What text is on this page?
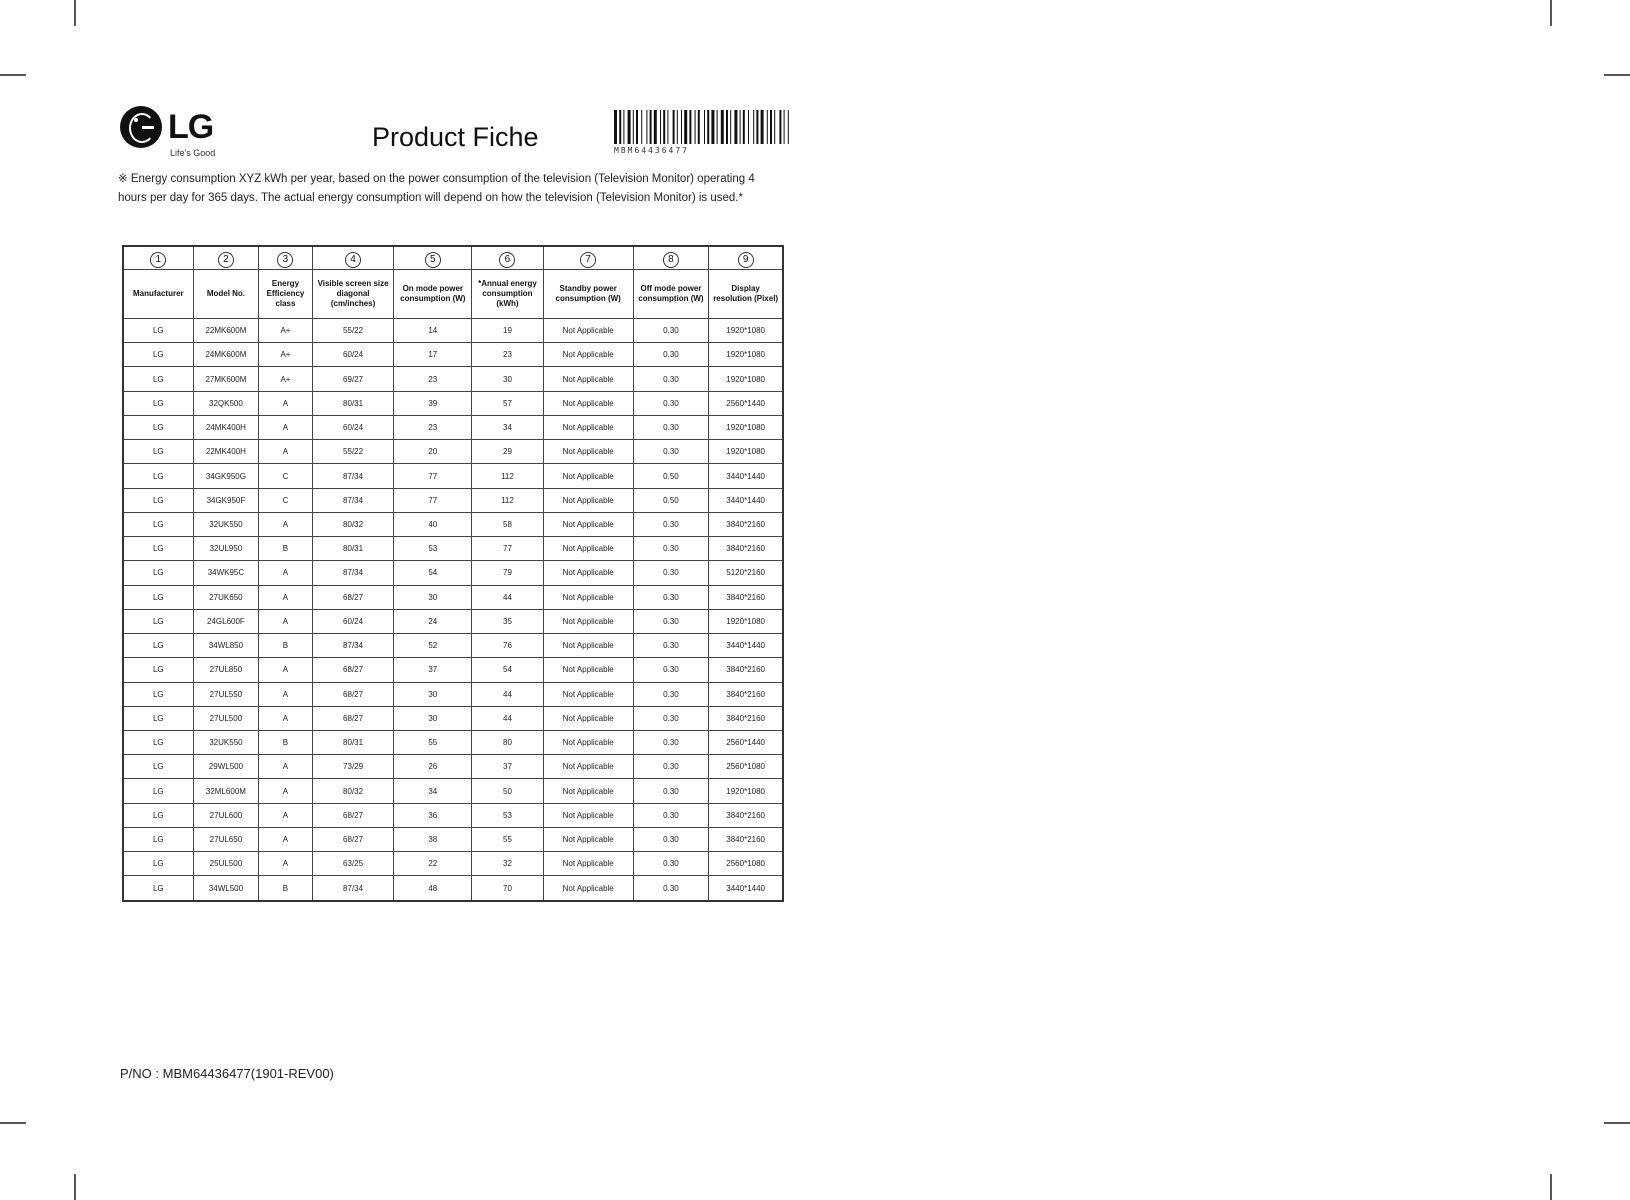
LG
Life's Good
Product Fiche	MBM64436477
※ Energy consumption XYZ kWh per year, based on the power consumption of the television (Television Monitor) operating 4 hours per day for 365 days. The actual energy consumption will depend on how the television (Television Monitor) is used.*
1	2	3	4	5	6	7	8	9
Manufacturer	Model No.	Energy Efficiency class	Visible screen size diagonal (cm/inches)	On mode power consumption (W)	*Annual energy consumption (kWh)	Standby power consumption (W)	Off mode power consumption (W)	Display resolution (Pixel)
LG	22MK600M	A+	55/22	14	19	Not Applicable	0.30	1920*1080
LG	24MK600M	A+	60/24	17	23	Not Applicable	0.30	1920*1080
LG	27MK600M	A+	69/27	23	30	Not Applicable	0.30	1920*1080
LG	32QK500	A	80/31	39	57	Not Applicable	0.30	2560*1440
LG	24MK400H	A	60/24	23	34	Not Applicable	0.30	1920*1080
LG	22MK400H	A	55/22	20	29	Not Applicable	0.30	1920*1080
LG	34GK950G	C	87/34	77	112	Not Applicable	0.50	3440*1440
LG	34GK950F	C	87/34	77	112	Not Applicable	0.50	3440*1440
LG	32UK550	A	80/32	40	58	Not Applicable	0.30	3840*2160
LG	32UL950	B	80/31	53	77	Not Applicable	0.30	3840*2160
LG	34WK95C	A	87/34	54	79	Not Applicable	0.30	5120*2160
LG	27UK650	A	68/27	30	44	Not Applicable	0.30	3840*2160
LG	24GL600F	A	60/24	24	35	Not Applicable	0.30	1920*1080
LG	34WL850	B	87/34	52	76	Not Applicable	0.30	3440*1440
LG	27UL850	A	68/27	37	54	Not Applicable	0.30	3840*2160
LG	27UL550	A	68/27	30	44	Not Applicable	0.30	3840*2160
LG	27UL500	A	68/27	30	44	Not Applicable	0.30	3840*2160
LG	32UK550	B	80/31	55	80	Not Applicable	0.30	2560*1440
LG	29WL500	A	73/29	26	37	Not Applicable	0.30	2560*1080
LG	32ML600M	A	80/32	34	50	Not Applicable	0.30	1920*1080
LG	27UL600	A	68/27	36	53	Not Applicable	0.30	3840*2160
LG	27UL650	A	68/27	38	55	Not Applicable	0.30	3840*2160
LG	25UL500	A	63/25	22	32	Not Applicable	0.30	2560*1080
LG	34WL500	B	87/34	48	70	Not Applicable	0.30	3440*1440
P/NO : MBM64436477(1901-REV00)
